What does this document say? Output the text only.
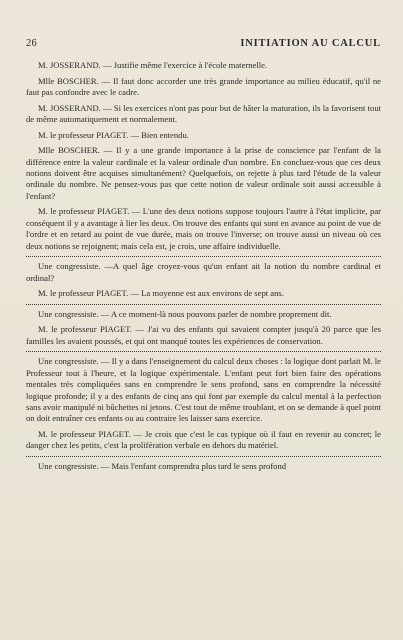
26	INITIATION AU CALCUL

M. JOSSERAND. — Justifie même l'exercice à l'école maternelle.

Mlle BOSCHER. — Il faut donc accorder une très grande importance au milieu éducatif, qu'il ne faut pas confondre avec le cadre.

M. JOSSERAND. — Si les exercices n'ont pas pour but de hâter la maturation, ils la favorisent tout de même automatiquement et normalement.

M. le professeur PIAGET. — Bien entendu.

Mlle BOSCHER. — Il y a une grande importance à la prise de conscience par l'enfant de la différence entre la valeur cardinale et la valeur ordinale d'un nombre. En concluez-vous que ces deux notions doivent être acquises simultanément? Quelquefois, on rejette à plus tard l'étude de la valeur ordinale du nombre. Ne pensez-vous pas que cette notion de valeur ordinale soit aussi accessible à l'enfant?

M. le professeur PIAGET. — L'une des deux notions suppose toujours l'autre à l'état implicite, par conséquent il y a avantage à lier les deux. On trouve des enfants qui sont en avance au point de vue de l'ordre et en retard au point de vue durée, mais on trouve l'inverse; on trouve aussi un niveau où ces deux notions se rejoignent; mais cela est, je crois, une affaire individuelle.

Une congressiste. —A quel âge croyez-vous qu'un enfant ait la notion du nombre cardinal et ordinal?

M. le professeur PIAGET. — La moyenne est aux environs de sept ans.

Une congressiste. — A ce moment-là nous pouvons parler de nombre proprement dit.

M. le professeur PIAGET. — J'ai vu des enfants qui savaient compter jusqu'à 20 parce que les familles les avaient poussés, et qui ont manqué toutes les expériences de conservation.

Une congressiste. — Il y a dans l'enseignement du calcul deux choses : la logique dont parlait M. le Professeur tout à l'heure, et la logique expérimentale. L'enfant peut fort bien faire des opérations mentales très compliquées sans en comprendre le sens profond, sans en comprendre la nécessité logique profonde; il y a des enfants de cinq ans qui font par exemple du calcul mental à la perfection sans avoir manipulé ni bûchettes ni jetons. C'est tout de même troublant, et on se demande à quel point on doit entraîner ces enfants ou au contraire les laisser sans exercice.

M. le professeur PIAGET. — Je crois que c'est le cas typique où il faut en revenir au concret; le danger chez les petits, c'est la prolifération verbale en dehors du matériel.

Une congressiste. — Mais l'enfant comprendra plus tard le sens profond
